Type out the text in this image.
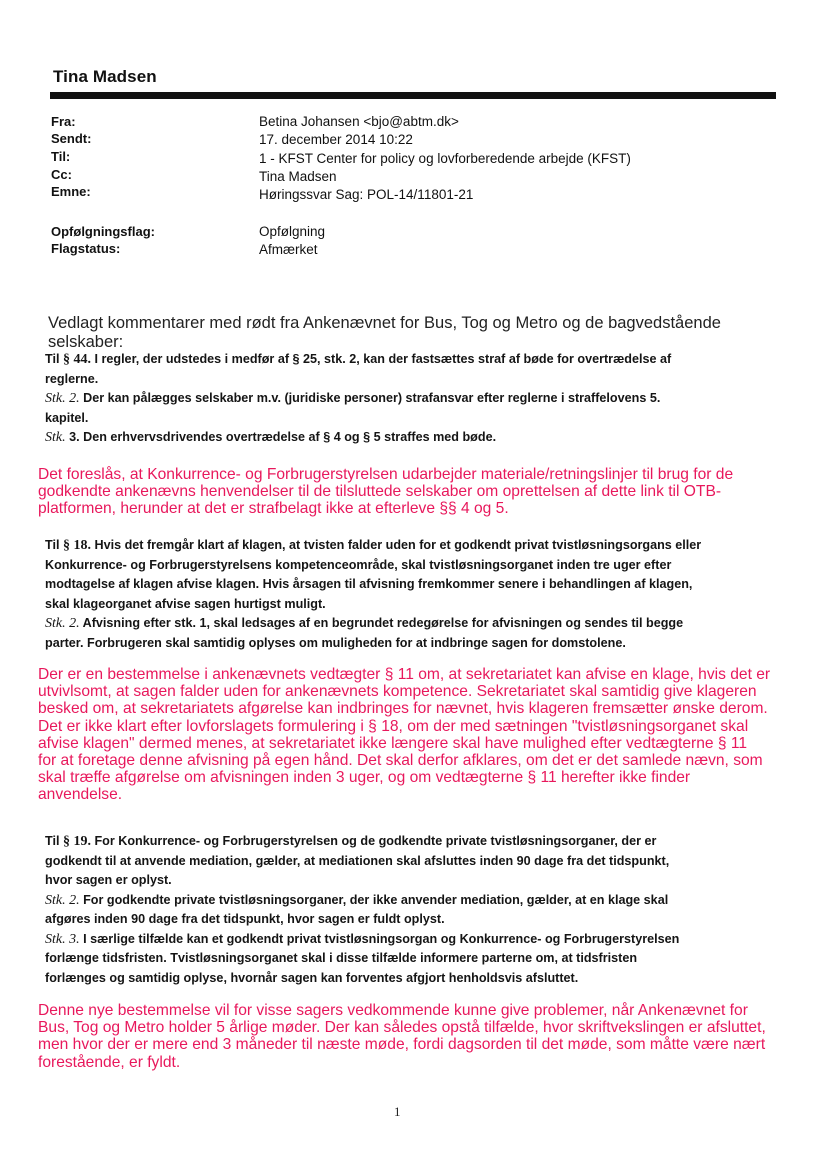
Tina Madsen
Fra:	Betina Johansen <bjo@abtm.dk>
Sendt:	17. december 2014 10:22
Til:	1 - KFST Center for policy og lovforberedende arbejde (KFST)
Cc:	Tina Madsen
Emne:	Høringssvar Sag: POL-14/11801-21
Opfølgningsflag:	Opfølgning
Flagstatus:	Afmærket
Vedlagt kommentarer med rødt fra Ankenævnet for Bus, Tog og Metro og de bagvedstående selskaber:
Til § 44. I regler, der udstedes i medfør af § 25, stk. 2, kan der fastsættes straf af bøde for overtrædelse af
reglerne.
Stk. 2. Der kan pålægges selskaber m.v. (juridiske personer) strafansvar efter reglerne i straffelovens 5.
kapitel.
Stk. 3. Den erhvervsdrivendes overtrædelse af § 4 og § 5 straffes med bøde.
Det foreslås, at Konkurrence- og Forbrugerstyrelsen udarbejder materiale/retningslinjer til brug for de
godkendte ankenævns henvendelser til de tilsluttede selskaber om oprettelsen af dette link til OTB-
platformen, herunder at det er strafbelagt ikke at efterleve §§ 4 og 5.
Til § 18. Hvis det fremgår klart af klagen, at tvisten falder uden for et godkendt privat tvistløsningsorgans eller
Konkurrence- og Forbrugerstyrelsens kompetenceområde, skal tvistløsningsorganet inden tre uger efter
modtagelse af klagen afvise klagen. Hvis årsagen til afvisning fremkommer senere i behandlingen af klagen,
skal klageorganet afvise sagen hurtigst muligt.
Stk. 2. Afvisning efter stk. 1, skal ledsages af en begrundet redegørelse for afvisningen og sendes til begge
parter. Forbrugeren skal samtidig oplyses om muligheden for at indbringe sagen for domstolene.
Der er en bestemmelse i ankenævnets vedtægter § 11 om, at sekretariatet kan afvise en klage, hvis det er
utvivlsomt, at sagen falder uden for ankenævnets kompetence. Sekretariatet skal samtidig give klageren
besked om, at sekretariatets afgørelse kan indbringes for nævnet, hvis klageren fremsætter ønske derom.
Det er ikke klart efter lovforslagets formulering i § 18, om der med sætningen "tvistløsningsorganet skal
afvise klagen" dermed menes, at sekretariatet ikke længere skal have mulighed efter vedtægterne § 11
for at foretage denne afvisning på egen hånd. Det skal derfor afklares, om det er det samlede nævn, som
skal træffe afgørelse om afvisningen inden 3 uger, og om vedtægterne § 11 herefter ikke finder
anvendelse.
Til § 19. For Konkurrence- og Forbrugerstyrelsen og de godkendte private tvistløsningsorganer, der er
godkendt til at anvende mediation, gælder, at mediationen skal afsluttes inden 90 dage fra det tidspunkt,
hvor sagen er oplyst.
Stk. 2. For godkendte private tvistløsningsorganer, der ikke anvender mediation, gælder, at en klage skal
afgøres inden 90 dage fra det tidspunkt, hvor sagen er fuldt oplyst.
Stk. 3. I særlige tilfælde kan et godkendt privat tvistløsningsorgan og Konkurrence- og Forbrugerstyrelsen
forlænge tidsfristen. Tvistløsningsorganet skal i disse tilfælde informere parterne om, at tidsfristen
forlænges og samtidig oplyse, hvornår sagen kan forventes afgjort henholdsvis afsluttet.
Denne nye bestemmelse vil for visse sagers vedkommende kunne give problemer, når Ankenævnet for
Bus, Tog og Metro holder 5 årlige møder. Der kan således opstå tilfælde, hvor skriftvekslingen er afsluttet,
men hvor der er mere end 3 måneder til næste møde, fordi dagsorden til det møde, som måtte være nært
forestående, er fyldt.
1
